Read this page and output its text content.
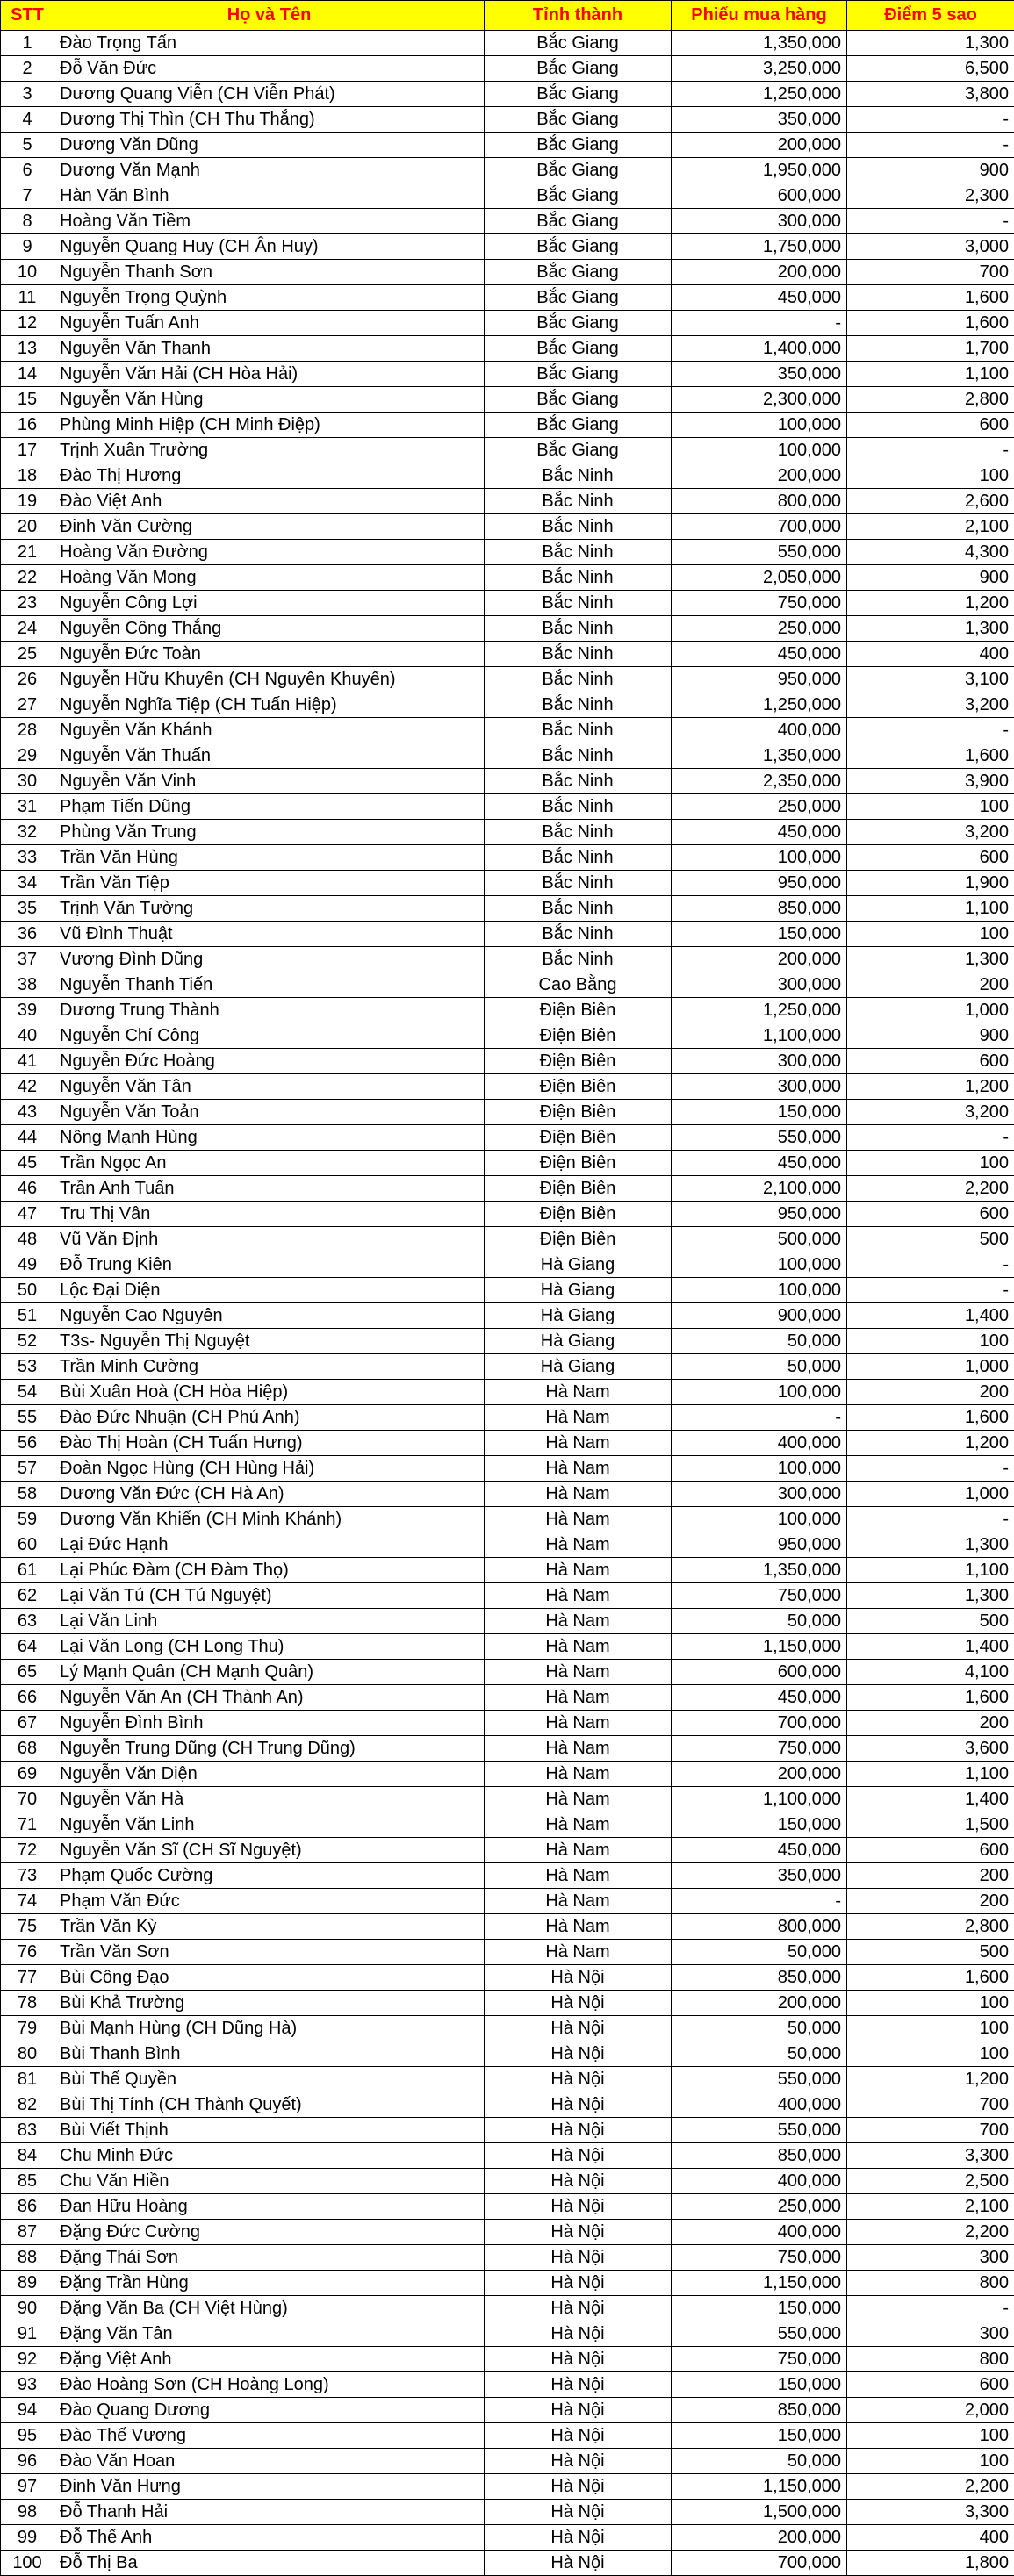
STT	Họ và Tên	Tỉnh thành	Phiếu mua hàng	Điểm 5 sao
1	Đào Trọng Tấn	Bắc Giang	1,350,000	1,300
2	Đỗ Văn Đức	Bắc Giang	3,250,000	6,500
3	Dương Quang Viễn (CH Viễn Phát)	Bắc Giang	1,250,000	3,800
4	Dương Thị Thìn (CH Thu Thắng)	Bắc Giang	350,000	-
5	Dương Văn Dũng	Bắc Giang	200,000	-
6	Dương Văn Mạnh	Bắc Giang	1,950,000	900
7	Hàn Văn Bình	Bắc Giang	600,000	2,300
8	Hoàng Văn Tiềm	Bắc Giang	300,000	-
9	Nguyễn Quang Huy (CH Ân Huy)	Bắc Giang	1,750,000	3,000
10	Nguyễn Thanh Sơn	Bắc Giang	200,000	700
11	Nguyễn Trọng Quỳnh	Bắc Giang	450,000	1,600
12	Nguyễn Tuấn Anh	Bắc Giang	-	1,600
13	Nguyễn Văn Thanh	Bắc Giang	1,400,000	1,700
14	Nguyễn Văn Hải (CH Hòa Hải)	Bắc Giang	350,000	1,100
15	Nguyễn Văn Hùng	Bắc Giang	2,300,000	2,800
16	Phùng Minh Hiệp (CH Minh Điệp)	Bắc Giang	100,000	600
17	Trịnh Xuân Trường	Bắc Giang	100,000	-
18	Đào Thị Hương	Bắc Ninh	200,000	100
19	Đào Việt Anh	Bắc Ninh	800,000	2,600
20	Đinh Văn Cường	Bắc Ninh	700,000	2,100
21	Hoàng Văn Đường	Bắc Ninh	550,000	4,300
22	Hoàng Văn Mong	Bắc Ninh	2,050,000	900
23	Nguyễn Công Lợi	Bắc Ninh	750,000	1,200
24	Nguyễn Công Thắng	Bắc Ninh	250,000	1,300
25	Nguyễn Đức Toàn	Bắc Ninh	450,000	400
26	Nguyễn Hữu Khuyến (CH Nguyên Khuyến)	Bắc Ninh	950,000	3,100
27	Nguyễn Nghĩa Tiệp (CH Tuấn Hiệp)	Bắc Ninh	1,250,000	3,200
28	Nguyễn Văn Khánh	Bắc Ninh	400,000	-
29	Nguyễn Văn Thuấn	Bắc Ninh	1,350,000	1,600
30	Nguyễn Văn Vinh	Bắc Ninh	2,350,000	3,900
31	Phạm Tiến Dũng	Bắc Ninh	250,000	100
32	Phùng Văn Trung	Bắc Ninh	450,000	3,200
33	Trần Văn Hùng	Bắc Ninh	100,000	600
34	Trần Văn Tiệp	Bắc Ninh	950,000	1,900
35	Trịnh Văn Tường	Bắc Ninh	850,000	1,100
36	Vũ Đình Thuật	Bắc Ninh	150,000	100
37	Vương Đình Dũng	Bắc Ninh	200,000	1,300
38	Nguyễn Thanh Tiến	Cao Bằng	300,000	200
39	Dương Trung Thành	Điện Biên	1,250,000	1,000
40	Nguyễn Chí Công	Điện Biên	1,100,000	900
41	Nguyễn Đức Hoàng	Điện Biên	300,000	600
42	Nguyễn Văn Tân	Điện Biên	300,000	1,200
43	Nguyễn Văn Toản	Điện Biên	150,000	3,200
44	Nông Mạnh Hùng	Điện Biên	550,000	-
45	Trần Ngọc An	Điện Biên	450,000	100
46	Trần Anh Tuấn	Điện Biên	2,100,000	2,200
47	Tru Thị Vân	Điện Biên	950,000	600
48	Vũ Văn Định	Điện Biên	500,000	500
49	Đỗ Trung Kiên	Hà Giang	100,000	-
50	Lộc Đại Diện	Hà Giang	100,000	-
51	Nguyễn Cao Nguyên	Hà Giang	900,000	1,400
52	T3s- Nguyễn Thị Nguyệt	Hà Giang	50,000	100
53	Trần Minh Cường	Hà Giang	50,000	1,000
54	Bùi Xuân Hoà (CH Hòa Hiệp)	Hà Nam	100,000	200
55	Đào Đức Nhuận (CH Phú Anh)	Hà Nam	-	1,600
56	Đào Thị Hoàn (CH Tuấn Hưng)	Hà Nam	400,000	1,200
57	Đoàn Ngọc Hùng (CH Hùng Hải)	Hà Nam	100,000	-
58	Dương Văn Đức (CH Hà An)	Hà Nam	300,000	1,000
59	Dương Văn Khiển (CH Minh Khánh)	Hà Nam	100,000	-
60	Lại Đức Hạnh	Hà Nam	950,000	1,300
61	Lại Phúc Đàm (CH Đàm Thọ)	Hà Nam	1,350,000	1,100
62	Lại Văn Tú (CH Tú Nguyệt)	Hà Nam	750,000	1,300
63	Lại Văn Linh	Hà Nam	50,000	500
64	Lại Văn Long (CH Long Thu)	Hà Nam	1,150,000	1,400
65	Lý Mạnh Quân (CH Mạnh Quân)	Hà Nam	600,000	4,100
66	Nguyễn Văn An (CH Thành An)	Hà Nam	450,000	1,600
67	Nguyễn Đình Bình	Hà Nam	700,000	200
68	Nguyễn Trung Dũng (CH Trung Dũng)	Hà Nam	750,000	3,600
69	Nguyễn Văn Diện	Hà Nam	200,000	1,100
70	Nguyễn Văn Hà	Hà Nam	1,100,000	1,400
71	Nguyễn Văn Linh	Hà Nam	150,000	1,500
72	Nguyễn Văn Sĩ (CH Sĩ Nguyệt)	Hà Nam	450,000	600
73	Phạm Quốc Cường	Hà Nam	350,000	200
74	Phạm Văn Đức	Hà Nam	-	200
75	Trần Văn Kỳ	Hà Nam	800,000	2,800
76	Trần Văn Sơn	Hà Nam	50,000	500
77	Bùi Công Đạo	Hà Nội	850,000	1,600
78	Bùi Khả Trường	Hà Nội	200,000	100
79	Bùi Mạnh Hùng (CH Dũng Hà)	Hà Nội	50,000	100
80	Bùi Thanh Bình	Hà Nội	50,000	100
81	Bùi Thế Quyền	Hà Nội	550,000	1,200
82	Bùi Thị Tính (CH Thành Quyết)	Hà Nội	400,000	700
83	Bùi Viết Thịnh	Hà Nội	550,000	700
84	Chu Minh Đức	Hà Nội	850,000	3,300
85	Chu Văn Hiền	Hà Nội	400,000	2,500
86	Đan Hữu Hoàng	Hà Nội	250,000	2,100
87	Đặng Đức Cường	Hà Nội	400,000	2,200
88	Đặng Thái Sơn	Hà Nội	750,000	300
89	Đặng Trần Hùng	Hà Nội	1,150,000	800
90	Đặng Văn Ba (CH Việt Hùng)	Hà Nội	150,000	-
91	Đặng Văn Tân	Hà Nội	550,000	300
92	Đặng Việt Anh	Hà Nội	750,000	800
93	Đào Hoàng Sơn (CH Hoàng Long)	Hà Nội	150,000	600
94	Đào Quang Dương	Hà Nội	850,000	2,000
95	Đào Thế Vương	Hà Nội	150,000	100
96	Đào Văn Hoan	Hà Nội	50,000	100
97	Đinh Văn Hưng	Hà Nội	1,150,000	2,200
98	Đỗ Thanh Hải	Hà Nội	1,500,000	3,300
99	Đỗ Thế Anh	Hà Nội	200,000	400
100	Đỗ Thị Ba	Hà Nội	700,000	1,800
